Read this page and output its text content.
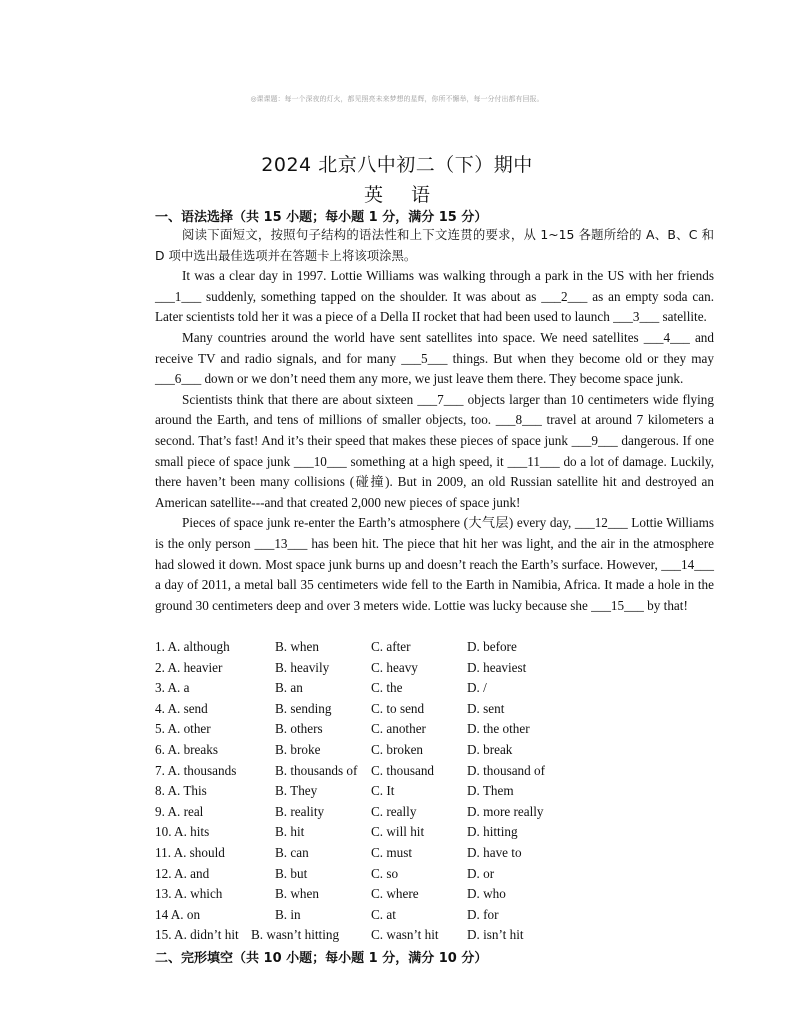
◎课课题：每一个深夜的灯火，都见照亮未来梦想的星辉，你所不懈举，每一分付出都有回报。
2024 北京八中初二（下）期中
英 语
一、语法选择（共 15 小题；每小题 1 分，满分 15 分）

阅读下面短文，按照句子结构的语法性和上下文连贯的要求，从 1~15 各题所给的 A、B、C 和 D 项中选出最佳选项并在答题卡上将该项涂黑。

It was a clear day in 1997. Lottie Williams was walking through a park in the US with her friends ___1___ suddenly, something tapped on the shoulder. It was about as ___2___ as an empty soda can. Later scientists told her it was a piece of a Della II rocket that had been used to launch ___3___ satellite.

Many countries around the world have sent satellites into space. We need satellites ___4___ and receive TV and radio signals, and for many ___5___ things. But when they become old or they may ___6___ down or we don’t need them any more, we just leave them there. They become space junk.

Scientists think that there are about sixteen ___7___ objects larger than 10 centimeters wide flying around the Earth, and tens of millions of smaller objects, too. ___8___ travel at around 7 kilometers a second. That’s fast! And it’s their speed that makes these pieces of space junk ___9___ dangerous. If one small piece of space junk ___10___ something at a high speed, it ___11___ do a lot of damage. Luckily, there haven’t been many collisions (碰撞). But in 2009, an old Russian satellite hit and destroyed an American satellite---and that created 2,000 new pieces of space junk!

Pieces of space junk re-enter the Earth’s atmosphere (大气层) every day, ___12___ Lottie Williams is the only person ___13___ has been hit. The piece that hit her was light, and the air in the atmosphere had slowed it down. Most space junk burns up and doesn’t reach the Earth’s surface. However, ___14___ a day of 2011, a metal ball 35 centimeters wide fell to the Earth in Namibia, Africa. It made a hole in the ground 30 centimeters deep and over 3 meters wide. Lottie was lucky because she ___15___ by that!

1. A. although	B. when	C. after	D. before
2. A. heavier	B. heavily	C. heavy	D. heaviest
3. A. a	B. an	C. the	D. /
4. A. send	B. sending	C. to send	D. sent
5. A. other	B. others	C. another	D. the other
6. A. breaks	B. broke	C. broken	D. break
7. A. thousands	B. thousands of C. thousand D. thousand of
8. A. This	B. They	C. It	D. Them
9. A. real	B. reality	C. really	D. more really
10. A. hits	B. hit	C. will hit	D. hitting
11. A. should	B. can	C. must	D. have to
12. A. and	B. but	C. so	D. or
13. A. which	B. when	C. where	D. who
14 A. on	B. in	C. at	D. for
15. A. didn’t hit B. wasn’t hitting C. wasn’t hit D. isn’t hit
二、完形填空（共 10 小题；每小题 1 分，满分 10 分）
